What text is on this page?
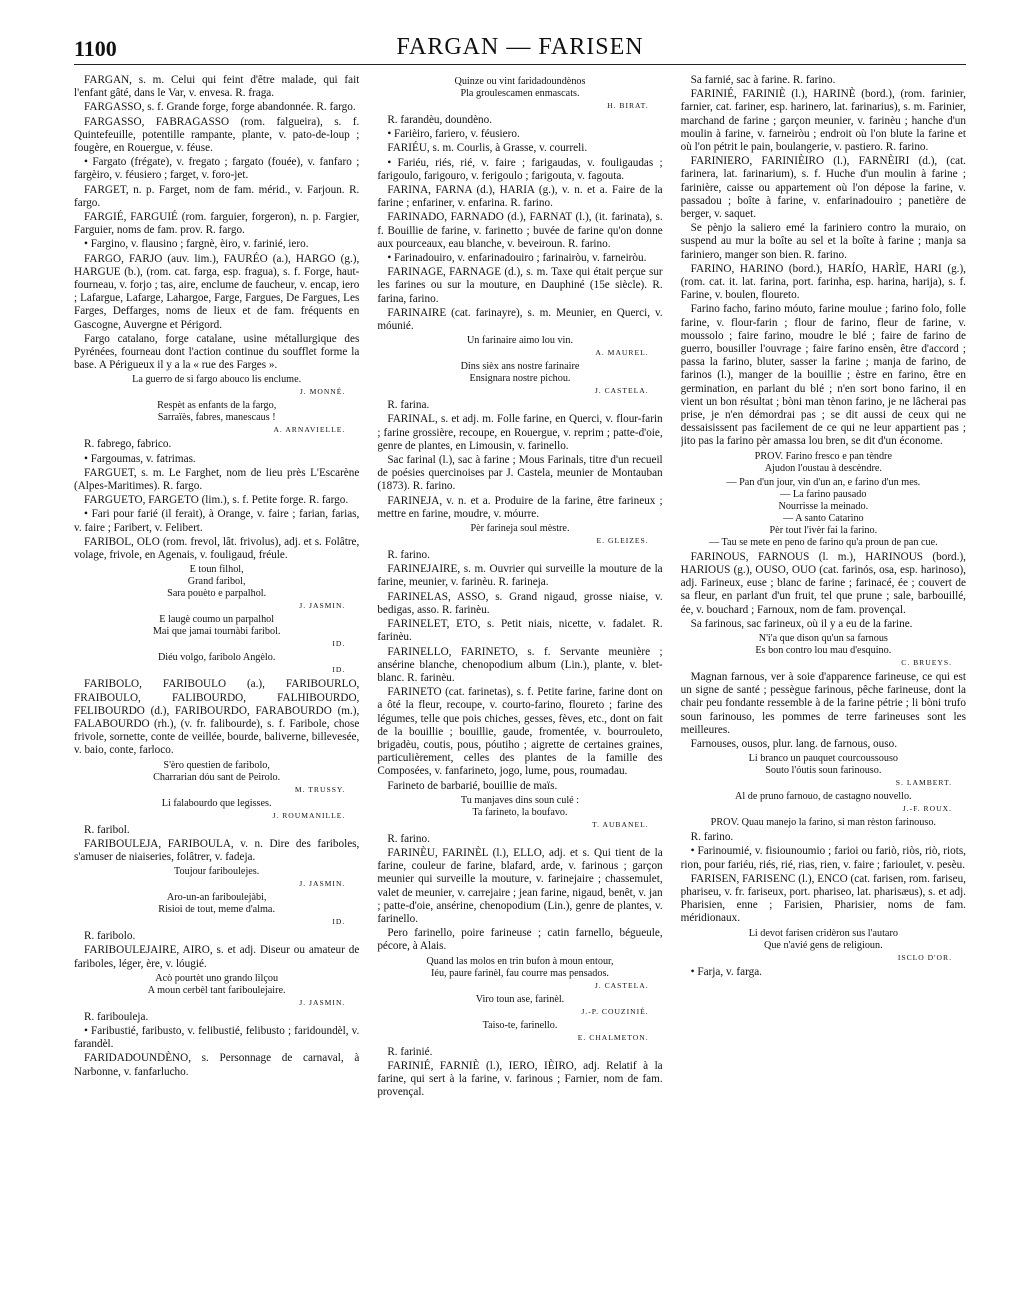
1100	FARGAN — FARISEN

FARGAN, s. m. Celui qui feint d'être malade, qui fait l'enfant gâté, dans le Var, v. envesa. R. fraga.

FARGASSO, s. f. Grande forge, forge abandonnée. R. fargo.

FARGASSO, FABRAGASSO (rom. falgueira), s. f. Quintefeuille, potentille rampante, plante, v. pato-de-loup ; fougère, en Rouergue, v. féuse.

• Fargato (frégate), v. fregato ; fargato (fouée), v. fanfaro ; fargèiro, v. féusiero ; farget, v. foro-jet.

FARGET, n. p. Farget, nom de fam. mérid., v. Farjoun. R. fargo.

FARGIÉ, FARGUIÉ (rom. farguier, forgeron), n. p. Fargier, Farguier, noms de fam. prov. R. fargo.

• Fargino, v. flausino ; fargnè, èiro, v. farinié, iero.

FARGO, FARJO (auv. lim.), FAURÉO (a.), HARGO (g.), HARGUE (b.), (rom. cat. farga, esp. fragua), s. f. Forge, haut-fourneau, v. forjo ; tas, aire, enclume de faucheur, v. encap, iero ; Lafargue, Lafarge, Lahargoe, Farge, Fargues, De Fargues, Les Farges, Deffarges, noms de lieux et de fam. fréquents en Gascogne, Auvergne et Périgord.

Fargo catalano, forge catalane, usine métallurgique des Pyrénées, fourneau dont l'action continue du soufflet forme la base. A Périgueux il y a la « rue des Farges ».

La guerro de si fargo abouco lis enclume.
J. MONNÉ.
Respèt as enfants de la fargo,
Sarraïès, fabres, manescaus !
A. ARNAVIELLE.

R. fabrego, fabrico.

• Fargoumas, v. fatrimas.

FARGUET, s. m. Le Farghet, nom de lieu près L'Escarène (Alpes-Maritimes). R. fargo.

FARGUETO, FARGETO (lim.), s. f. Petite forge. R. fargo.

• Fari pour farié (il ferait), à Orange, v. faire ; farian, farias, v. faire ; Faribert, v. Felibert.

FARIBOL, OLO (rom. frevol, lât. frivolus), adj. et s. Folâtre, volage, frivole, en Agenais, v. fouligaud, fréule.

E toun filhol,
Grand faribol,
Sara pouèto e parpalhol.
J. JASMIN.
E laugè coumo un parpalhol
Mai que jamai tournàbi faribol.
ID.
Diéu volgo, faribolo Angèlo.
ID.

FARIBOLO, FARIBOULO (a.), FARIBOURLO, FRAIBOULO, FALIBOURDO, FALHIBOURDO, FELIBOURDO (d.), FARIBOURDO, FARABOURDO (m.), FALABOURDO (rh.), (v. fr. falibourde), s. f. Faribole, chose frivole, sornette, conte de veillée, bourde, baliverne, billevesée, v. baio, conte, farloco.

S'èro questien de faribolo,
Charrarian dóu sant de Peirolo.
M. TRUSSY.
Li falabourdo que legisses.
J. ROUMANILLE.

R. faribol.

FARIBOULEJA, FARIBOULA, v. n. Dire des fariboles, s'amuser de niaiseries, folâtrer, v. fadeja.

Toujour fariboulejes.
J. JASMIN.
Aro-un-an fariboulejàbi,
Risioi de tout, meme d'alma.
ID.

R. faribolo.

FARIBOULEJAIRE, AIRO, s. et adj. Diseur ou amateur de fariboles, léger, ère, v. lóugié.

Acò pourtèt uno grando lilçou
A moun cerbèl tant fariboulejaire.
J. JASMIN.

R. faribouleja.

• Faribustié, faribusto, v. felibustié, felibusto ; faridoundèl, v. farandèl.

FARIDADOUNDÈNO, s. Personnage de carnaval, à Narbonne, v. fanfarlucho.

Quinze ou vint faridadoundènos
Pla groulescamen enmascats.
H. BIRAT.

R. farandèu, doundèno.

• Farièiro, fariero, v. féusiero.

FARIÉU, s. m. Courlis, à Grasse, v. courreli.

• Fariéu, riés, rié, v. faire ; farigaudas, v. fouligaudas ; farigoulo, farigouro, v. ferigoulo ; farigouta, v. fagouta.

FARINA, FARNA (d.), HARIA (g.), v. n. et a. Faire de la farine ; enfariner, v. enfarina. R. farino.

FARINADO, FARNADO (d.), FARNAT (l.), (it. farinata), s. f. Bouillie de farine, v. farinetto ; buvée de farine qu'on donne aux pourceaux, eau blanche, v. beveiroun. R. farino.

• Farinadouiro, v. enfarinadouiro ; farinairòu, v. farneiròu.

FARINAGE, FARNAGE (d.), s. m. Taxe qui était perçue sur les farines ou sur la mouture, en Dauphiné (15e siècle). R. farina, farino.

FARINAIRE (cat. farinayre), s. m. Meunier, en Querci, v. móunié.

Un farinaire aimo lou vin.
A. MAUREL.
Dins sièx ans nostre farinaire
Ensignara nostre pichou.
J. CASTELA.

R. farina.

FARINAL, s. et adj. m. Folle farine, en Querci, v. flour-farin ; farine grossière, recoupe, en Rouergue, v. reprim ; patte-d'oie, genre de plantes, en Limousin, v. farinello.

Sac farinal (l.), sac à farine ; Mous Farinals, titre d'un recueil de poésies quercinoises par J. Castela, meunier de Montauban (1873). R. farino.

FARINEJA, v. n. et a. Produire de la farine, être farineux ; mettre en farine, moudre, v. móurre.

Pèr farineja soul mèstre.
E. GLEIZES.

R. farino.

FARINEJAIRE, s. m. Ouvrier qui surveille la mouture de la farine, meunier, v. farinèu. R. farineja.

FARINELAS, ASSO, s. Grand nigaud, grosse niaise, v. bedigas, asso. R. farinèu.

FARINELET, ETO, s. Petit niais, nicette, v. fadalet. R. farinèu.

FARINELLO, FARINETO, s. f. Servante meunière ; ansérine blanche, chenopodium album (Lin.), plante, v. blet-blanc. R. farinèu.

FARINETO (cat. farinetas), s. f. Petite farine, farine dont on a ôté la fleur, recoupe, v. courto-farino, floureto ; farine des légumes, telle que pois chiches, gesses, fèves, etc., dont on fait de la bouillie ; bouillie, gaude, fromentée, v. bourrouleto, brigadèu, coutis, pous, póutiho ; aigrette de certaines graines, particulièrement, celles des plantes de la famille des Composées, v. fanfarineto, jogo, lume, pous, roumadau.

Farineto de barbarié, bouillie de maïs.

Tu manjaves dins soun culé :
Ta farineto, la boufavo.
T. AUBANEL.

R. farino.

FARINÈU, FARINÈL (l.), ELLO, adj. et s. Qui tient de la farine, couleur de farine, blafard, arde, v. farinous ; garçon meunier qui surveille la mouture, v. farinejaire ; chassemulet, valet de meunier, v. carrejaire ; jean farine, nigaud, benêt, v. jan ; patte-d'oie, ansérine, chenopodium (Lin.), genre de plantes, v. farinello.

Pero farinello, poire farineuse ; catin farnello, béguеule, pécore, à Alais.

Quand las molos en trin bufon à moun entour,
Iéu, paure farinèl, fau courre mas pensados.
J. CASTELA.
Viro toun ase, farinèl.
J.-P. COUZINIÉ.
Taiso-te, farinello.
E. CHALMETON.

R. farinié.

FARINIÉ, FARNIÈ (l.), IERO, IÈIRO, adj. Relatif à la farine, qui sert à la farine, v. farinous ; Farnier, nom de fam. provençal.

Sa farnié, sac à farine. R. farino.

FARINIÉ, FARINIÈ (l.), HARINÈ (bord.), (rom. farinier, farnier, cat. fariner, esp. harinero, lat. farinarius), s. m. Farinier, marchand de farine ; garçon meunier, v. farinèu ; hanche d'un moulin à farine, v. farneiròu ; endroit où l'on blute la farine et où l'on pétrit le pain, boulangerie, v. pastiero. R. farino.

FARINIERO, FARINIÈIRO (l.), FARNÈIRI (d.), (cat. farinera, lat. farinarium), s. f. Huche d'un moulin à farine ; farinière, caisse ou appartement où l'on dépose la farine, v. passadou ; boîte à farine, v. enfarinadouiro ; panetière de berger, v. saquet.

Se pènjo la saliero emé la fariniero contro la muraio, on suspend au mur la boîte au sel et la boîte à farine ; manja sa fariniero, manger son bien. R. farino.

FARINO, HARINO (bord.), HARÍO, HARÌE, HARI (g.), (rom. cat. it. lat. farina, port. farinha, esp. harina, harija), s. f. Farine, v. boulen, floureto.

Farino facho, farino móuto, farine moulue ; farino folo, folle farine, v. flour-farin ; flour de farino, fleur de farine, v. moussolo ; faire farino, moudre le blé ; faire de farino de guerro, bousiller l'ouvrage ; faire farino ensèn, être d'accord ; passa la farino, bluter, sasser la farine ; manja de farino, de farinos (l.), manger de la bouillie ; èstre en farino, être en germination, en parlant du blé ; n'en sort bono farino, il en vient un bon résultat ; bòni man tènon farino, je ne lâcherai pas prise, je n'en démordrai pas ; se dit aussi de ceux qui ne dessaisissent pas facilement de ce qui ne leur appartient pas ; jito pas la farino pèr amassa lou bren, se dit d'un économe.

PROV. Farino fresco e pan tèndre
Ajudon l'oustau à descèndre.
— Pan d'un jour, vin d'un an, e farino d'un mes.
— La farino pausado
Nourrisse la meinado.
— A santo Catarino
Pèr tout l'ivèr fai la farino.
— Tau se mete en peno de farino qu'a proun de pan cue.

FARINOUS, FARNOUS (l. m.), HARINOUS (bord.), HARIOUS (g.), OUSO, OUO (cat. farinós, osa, esp. harinoso), adj. Farineux, euse ; blanc de farine ; farinacé, ée ; couvert de sa fleur, en parlant d'un fruit, tel que prune ; sale, barbouillé, ée, v. bouchard ; Farnoux, nom de fam. provençal.

Sa farinous, sac farineux, où il y a eu de la farine.

N'i'a que dison qu'un sa farnous
Es bon contro lou mau d'esquino.
C. BRUEYS.

Magnan farnous, ver à soie d'apparence farineuse, ce qui est un signe de santé ; pessègue farinous, pêche farineuse, dont la chair peu fondante ressemble à de la farine pétrie ; li bòni trufo soun farinouso, les pommes de terre farineuses sont les meilleures.

Farnouses, ousos, plur. lang. de farnous, ouso.

Li branco un pauquet courcoussouso
Souto l'óutis soun farinouso.
S. LAMBERT.
Al de pruno farnouo, de castagno nouvello.
J.-F. ROUX.
PROV. Quau manejo la farino, si man rèston farinouso.

R. farino.

• Farinoumié, v. fisiounoumio ; farioi ou fariò, riòs, riò, riots, rion, pour fariéu, riés, rié, rias, rien, v. faire ; farioulet, v. pesèu.

FARISEN, FARISENC (l.), ENCO (cat. farisen, rom. fariseu, phariseu, v. fr. fariseux, port. phariseo, lat. pharisæus), s. et adj. Pharisien, enne ; Farisien, Pharisier, noms de fam. méridionaux.

Li devot farisen cridèron sus l'autaro
Que n'avié gens de religioun.
ISCLO D'OR.

• Farja, v. farga.
